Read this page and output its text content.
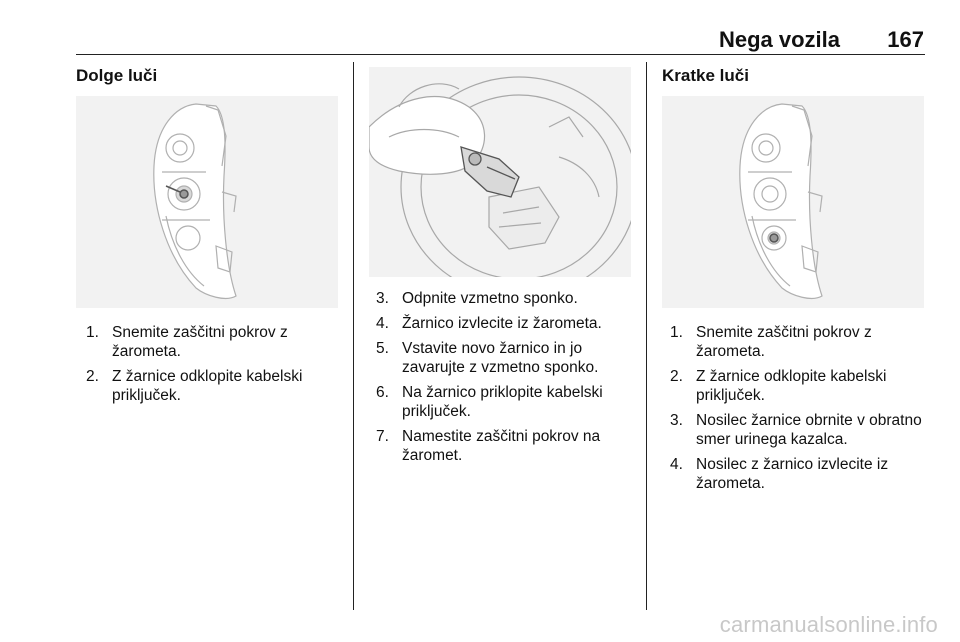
Nega vozila 167
Dolge luči
1. Snemite zaščitni pokrov z žarometa.
2. Z žarnice odklopite kabelski priključek.
3. Odpnite vzmetno sponko.
4. Žarnico izvlecite iz žarometa.
5. Vstavite novo žarnico in jo zavarujte z vzmetno sponko.
6. Na žarnico priklopite kabelski priključek.
7. Namestite zaščitni pokrov na žaromet.
Kratke luči
1. Snemite zaščitni pokrov z žarometa.
2. Z žarnice odklopite kabelski priključek.
3. Nosilec žarnice obrnite v obratno smer urinega kazalca.
4. Nosilec z žarnico izvlecite iz žarometa.
carmanualsonline.info
